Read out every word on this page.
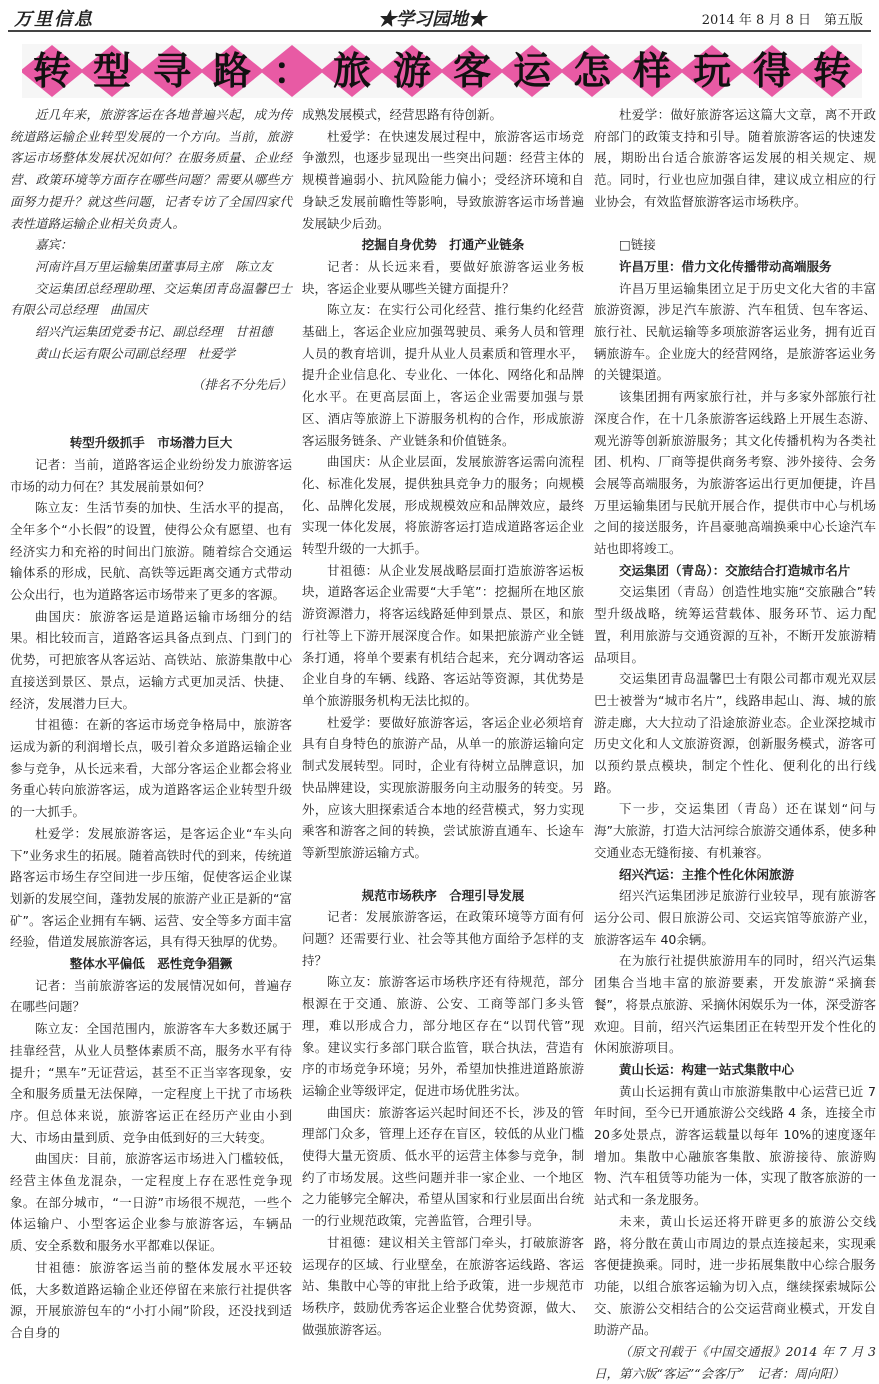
万里信息	★学习园地★	2014 年 8 月 8 日　第五版
转 型 寻 路 ： 旅 游 客 运 怎 样 玩 得 转

近几年来，旅游客运在各地普遍兴起，成为传统道路运输企业转型发展的一个方向。当前，旅游客运市场整体发展状况如何？在服务质量、企业经营、政策环境等方面存在哪些问题？需要从哪些方面努力提升？就这些问题，记者专访了全国四家代表性道路运输企业相关负责人。

嘉宾：

河南许昌万里运输集团董事局主席　陈立友

交运集团总经理助理、交运集团青岛温馨巴士有限公司总经理　曲国庆

绍兴汽运集团党委书记、副总经理　甘祖德

黄山长运有限公司副总经理　杜爱学

（排名不分先后）

转型升级抓手　市场潜力巨大

记者：当前，道路客运企业纷纷发力旅游客运市场的动力何在？其发展前景如何？

陈立友：生活节奏的加快、生活水平的提高，全年多个“小长假”的设置，使得公众有愿望、也有经济实力和充裕的时间出门旅游。随着综合交通运输体系的形成，民航、高铁等远距离交通方式带动公众出行，也为道路客运市场带来了更多的客源。

曲国庆：旅游客运是道路运输市场细分的结果。相比较而言，道路客运具备点到点、门到门的优势，可把旅客从客运站、高铁站、旅游集散中心直接送到景区、景点，运输方式更加灵活、快捷、经济，发展潜力巨大。

甘祖德：在新的客运市场竞争格局中，旅游客运成为新的利润增长点，吸引着众多道路运输企业参与竞争，从长远来看，大部分客运企业都会将业务重心转向旅游客运，成为道路客运企业转型升级的一大抓手。

杜爱学：发展旅游客运，是客运企业“车头向下”业务求生的拓展。随着高铁时代的到来，传统道路客运市场生存空间进一步压缩，促使客运企业谋划新的发展空间，蓬勃发展的旅游产业正是新的“富矿”。客运企业拥有车辆、运营、安全等多方面丰富经验，借道发展旅游客运，具有得天独厚的优势。

整体水平偏低　恶性竞争猖獗

记者：当前旅游客运的发展情况如何，普遍存在哪些问题？

陈立友：全国范围内，旅游客车大多数还属于挂靠经营，从业人员整体素质不高，服务水平有待提升；“黑车”无证营运，甚至不正当宰客现象，安全和服务质量无法保障，一定程度上干扰了市场秩序。但总体来说，旅游客运正在经历产业由小到大、市场由量到质、竞争由低到好的三大转变。

曲国庆：目前，旅游客运市场进入门槛较低，经营主体鱼龙混杂，一定程度上存在恶性竞争现象。在部分城市，“一日游”市场很不规范，一些个体运输户、小型客运企业参与旅游客运，车辆品质、安全系数和服务水平都难以保证。

甘祖德：旅游客运当前的整体发展水平还较低，大多数道路运输企业还停留在来旅行社提供客源，开展旅游包车的“小打小闹”阶段，还没找到适合自身的

成熟发展模式，经营思路有待创新。

杜爱学：在快速发展过程中，旅游客运市场竞争激烈，也逐步显现出一些突出问题：经营主体的规模普遍弱小、抗风险能力偏小；受经济环境和自身缺乏发展前瞻性等影响，导致旅游客运市场普遍发展缺少后劲。

挖掘自身优势　打通产业链条

记者：从长远来看，要做好旅游客运业务板块，客运企业要从哪些关键方面提升？

陈立友：在实行公司化经营、推行集约化经营基础上，客运企业应加强驾驶员、乘务人员和管理人员的教育培训，提升从业人员素质和管理水平，提升企业信息化、专业化、一体化、网络化和品牌化水平。在更高层面上，客运企业需要加强与景区、酒店等旅游上下游服务机构的合作，形成旅游客运服务链条、产业链条和价值链条。

曲国庆：从企业层面，发展旅游客运需向流程化、标准化发展，提供独具竞争力的服务；向规模化、品牌化发展，形成规模效应和品牌效应，最终实现一体化发展，将旅游客运打造成道路客运企业转型升级的一大抓手。

甘祖德：从企业发展战略层面打造旅游客运板块，道路客运企业需要“大手笔”：挖掘所在地区旅游资源潜力，将客运线路延伸到景点、景区，和旅行社等上下游开展深度合作。如果把旅游产业全链条打通，将单个要素有机结合起来，充分调动客运企业自身的车辆、线路、客运站等资源，其优势是单个旅游服务机构无法比拟的。

杜爱学：要做好旅游客运，客运企业必须培育具有自身特色的旅游产品，从单一的旅游运输向定制式发展转型。同时，企业有待树立品牌意识，加快品牌建设，实现旅游服务向主动服务的转变。另外，应该大胆探索适合本地的经营模式，努力实现乘客和游客之间的转换，尝试旅游直通车、长途车等新型旅游运输方式。

规范市场秩序　合理引导发展

记者：发展旅游客运，在政策环境等方面有何问题？还需要行业、社会等其他方面给予怎样的支持？

陈立友：旅游客运市场秩序还有待规范，部分根源在于交通、旅游、公安、工商等部门多头管理，难以形成合力，部分地区存在“以罚代管”现象。建议实行多部门联合监管，联合执法，营造有序的市场竞争环境；另外，希望加快推进道路旅游运输企业等级评定，促进市场优胜劣汰。

曲国庆：旅游客运兴起时间还不长，涉及的管理部门众多，管理上还存在盲区，较低的从业门槛使得大量无资质、低水平的运营主体参与竞争，制约了市场发展。这些问题并非一家企业、一个地区之力能够完全解决，希望从国家和行业层面出台统一的行业规范政策，完善监管，合理引导。

甘祖德：建议相关主管部门牵头，打破旅游客运现存的区域、行业壁垒，在旅游客运线路、客运站、集散中心等的审批上给予政策，进一步规范市场秩序，鼓励优秀客运企业整合优势资源，做大、做强旅游客运。

杜爱学：做好旅游客运这篇大文章，离不开政府部门的政策支持和引导。随着旅游客运的快速发展，期盼出台适合旅游客运发展的相关规定、规范。同时，行业也应加强自律，建议成立相应的行业协会，有效监督旅游客运市场秩序。

□链接

许昌万里：借力文化传播带动高端服务

许昌万里运输集团立足于历史文化大省的丰富旅游资源，涉足汽车旅游、汽车租赁、包车客运、旅行社、民航运输等多项旅游客运业务，拥有近百辆旅游车。企业庞大的经营网络，是旅游客运业务的关键渠道。

该集团拥有两家旅行社，并与多家外部旅行社深度合作，在十几条旅游客运线路上开展生态游、观光游等创新旅游服务；其文化传播机构为各类社团、机构、厂商等提供商务考察、涉外接待、会务会展等高端服务，为旅游客运出行更加便捷，许昌万里运输集团与民航开展合作，提供市中心与机场之间的接送服务，许昌豪驰高端换乘中心长途汽车站也即将竣工。

交运集团（青岛）：交旅结合打造城市名片

交运集团（青岛）创造性地实施“交旅融合”转型升级战略，统筹运营载体、服务环节、运力配置，利用旅游与交通资源的互补，不断开发旅游精品项目。

交运集团青岛温馨巴士有限公司都市观光双层巴士被誉为“城市名片”，线路串起山、海、城的旅游走廊，大大拉动了沿途旅游业态。企业深挖城市历史文化和人文旅游资源，创新服务模式，游客可以预约景点模块，制定个性化、便利化的出行线路。

下一步，交运集团（青岛）还在谋划“问与海”大旅游，打造大沽河综合旅游交通体系，使多种交通业态无缝衔接、有机兼容。

绍兴汽运：主推个性化休闲旅游

绍兴汽运集团涉足旅游行业较早，现有旅游客运分公司、假日旅游公司、交运宾馆等旅游产业，旅游客运车 40余辆。

在为旅行社提供旅游用车的同时，绍兴汽运集团集合当地丰富的旅游要素，开发旅游“采摘套餐”，将景点旅游、采摘休闲娱乐为一体，深受游客欢迎。目前，绍兴汽运集团正在转型开发个性化的休闲旅游项目。

黄山长运：构建一站式集散中心

黄山长运拥有黄山市旅游集散中心运营已近 7 年时间，至今已开通旅游公交线路 4 条，连接全市 20多处景点，游客运载量以每年 10%的速度逐年增加。集散中心融旅客集散、旅游接待、旅游购物、汽车租赁等功能为一体，实现了散客旅游的一站式和一条龙服务。

未来，黄山长运还将开辟更多的旅游公交线路，将分散在黄山市周边的景点连接起来，实现乘客便捷换乘。同时，进一步拓展集散中心综合服务功能，以组合旅客运输为切入点，继续探索城际公交、旅游公交相结合的公交运营商业模式，开发自助游产品。

（原文刊载于《中国交通报》2014 年 7 月 3 日，第六版“客运”“会客厅”　记者：周向阳）
